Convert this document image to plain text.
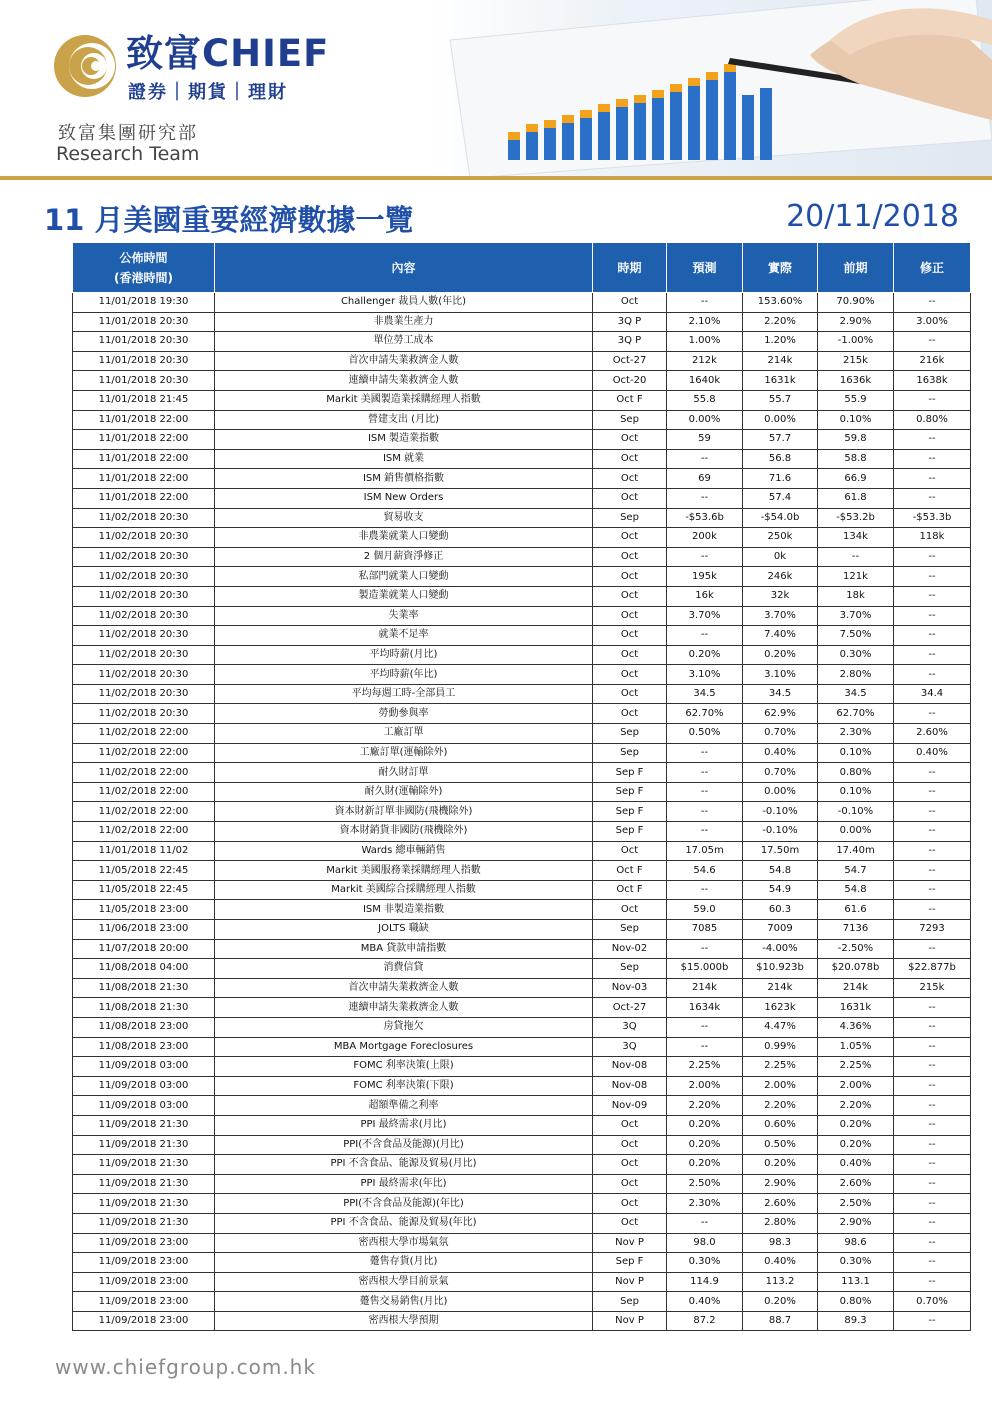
致富CHIEF
證券｜期貨｜理財
致富集團研究部
Research Team
11 月美國重要經濟數據一覽	20/11/2018
公佈時間
(香港時間)	內容	時期	預測	實際	前期	修正
11/01/2018 19:30	Challenger 裁員人數(年比)	Oct	--	153.60%	70.90%	--
11/01/2018 20:30	非農業生產力	3Q P	2.10%	2.20%	2.90%	3.00%
11/01/2018 20:30	單位勞工成本	3Q P	1.00%	1.20%	-1.00%	--
11/01/2018 20:30	首次申請失業救濟金人數	Oct-27	212k	214k	215k	216k
11/01/2018 20:30	連續申請失業救濟金人數	Oct-20	1640k	1631k	1636k	1638k
11/01/2018 21:45	Markit 美國製造業採購經理人指數	Oct F	55.8	55.7	55.9	--
11/01/2018 22:00	營建支出 (月比)	Sep	0.00%	0.00%	0.10%	0.80%
11/01/2018 22:00	ISM 製造業指數	Oct	59	57.7	59.8	--
11/01/2018 22:00	ISM 就業	Oct	--	56.8	58.8	--
11/01/2018 22:00	ISM 銷售價格指數	Oct	69	71.6	66.9	--
11/01/2018 22:00	ISM New Orders	Oct	--	57.4	61.8	--
11/02/2018 20:30	貿易收支	Sep	-$53.6b	-$54.0b	-$53.2b	-$53.3b
11/02/2018 20:30	非農業就業人口變動	Oct	200k	250k	134k	118k
11/02/2018 20:30	2 個月薪資淨修正	Oct	--	0k	--	--
11/02/2018 20:30	私部門就業人口變動	Oct	195k	246k	121k	--
11/02/2018 20:30	製造業就業人口變動	Oct	16k	32k	18k	--
11/02/2018 20:30	失業率	Oct	3.70%	3.70%	3.70%	--
11/02/2018 20:30	就業不足率	Oct	--	7.40%	7.50%	--
11/02/2018 20:30	平均時薪(月比)	Oct	0.20%	0.20%	0.30%	--
11/02/2018 20:30	平均時薪(年比)	Oct	3.10%	3.10%	2.80%	--
11/02/2018 20:30	平均每週工時-全部員工	Oct	34.5	34.5	34.5	34.4
11/02/2018 20:30	勞動參與率	Oct	62.70%	62.9%	62.70%	--
11/02/2018 22:00	工廠訂單	Sep	0.50%	0.70%	2.30%	2.60%
11/02/2018 22:00	工廠訂單(運輸除外)	Sep	--	0.40%	0.10%	0.40%
11/02/2018 22:00	耐久財訂單	Sep F	--	0.70%	0.80%	--
11/02/2018 22:00	耐久財(運輸除外)	Sep F	--	0.00%	0.10%	--
11/02/2018 22:00	資本財新訂單非國防(飛機除外)	Sep F	--	-0.10%	-0.10%	--
11/02/2018 22:00	資本財銷貨非國防(飛機除外)	Sep F	--	-0.10%	0.00%	--
11/01/2018 11/02	Wards 總車輛銷售	Oct	17.05m	17.50m	17.40m	--
11/05/2018 22:45	Markit 美國服務業採購經理人指數	Oct F	54.6	54.8	54.7	--
11/05/2018 22:45	Markit 美國綜合採購經理人指數	Oct F	--	54.9	54.8	--
11/05/2018 23:00	ISM 非製造業指數	Oct	59.0	60.3	61.6	--
11/06/2018 23:00	JOLTS 職缺	Sep	7085	7009	7136	7293
11/07/2018 20:00	MBA 貸款申請指數	Nov-02	--	-4.00%	-2.50%	--
11/08/2018 04:00	消費信貸	Sep	$15.000b	$10.923b	$20.078b	$22.877b
11/08/2018 21:30	首次申請失業救濟金人數	Nov-03	214k	214k	214k	215k
11/08/2018 21:30	連續申請失業救濟金人數	Oct-27	1634k	1623k	1631k	--
11/08/2018 23:00	房貸拖欠	3Q	--	4.47%	4.36%	--
11/08/2018 23:00	MBA Mortgage Foreclosures	3Q	--	0.99%	1.05%	--
11/09/2018 03:00	FOMC 利率決策(上限)	Nov-08	2.25%	2.25%	2.25%	--
11/09/2018 03:00	FOMC 利率決策(下限)	Nov-08	2.00%	2.00%	2.00%	--
11/09/2018 03:00	超額準備之利率	Nov-09	2.20%	2.20%	2.20%	--
11/09/2018 21:30	PPI 最終需求(月比)	Oct	0.20%	0.60%	0.20%	--
11/09/2018 21:30	PPI(不含食品及能源)(月比)	Oct	0.20%	0.50%	0.20%	--
11/09/2018 21:30	PPI 不含食品、能源及貿易(月比)	Oct	0.20%	0.20%	0.40%	--
11/09/2018 21:30	PPI 最終需求(年比)	Oct	2.50%	2.90%	2.60%	--
11/09/2018 21:30	PPI(不含食品及能源)(年比)	Oct	2.30%	2.60%	2.50%	--
11/09/2018 21:30	PPI 不含食品、能源及貿易(年比)	Oct	--	2.80%	2.90%	--
11/09/2018 23:00	密西根大學市場氣氛	Nov P	98.0	98.3	98.6	--
11/09/2018 23:00	躉售存貨(月比)	Sep F	0.30%	0.40%	0.30%	--
11/09/2018 23:00	密西根大學目前景氣	Nov P	114.9	113.2	113.1	--
11/09/2018 23:00	躉售交易銷售(月比)	Sep	0.40%	0.20%	0.80%	0.70%
11/09/2018 23:00	密西根大學預期	Nov P	87.2	88.7	89.3	--
www.chiefgroup.com.hk
